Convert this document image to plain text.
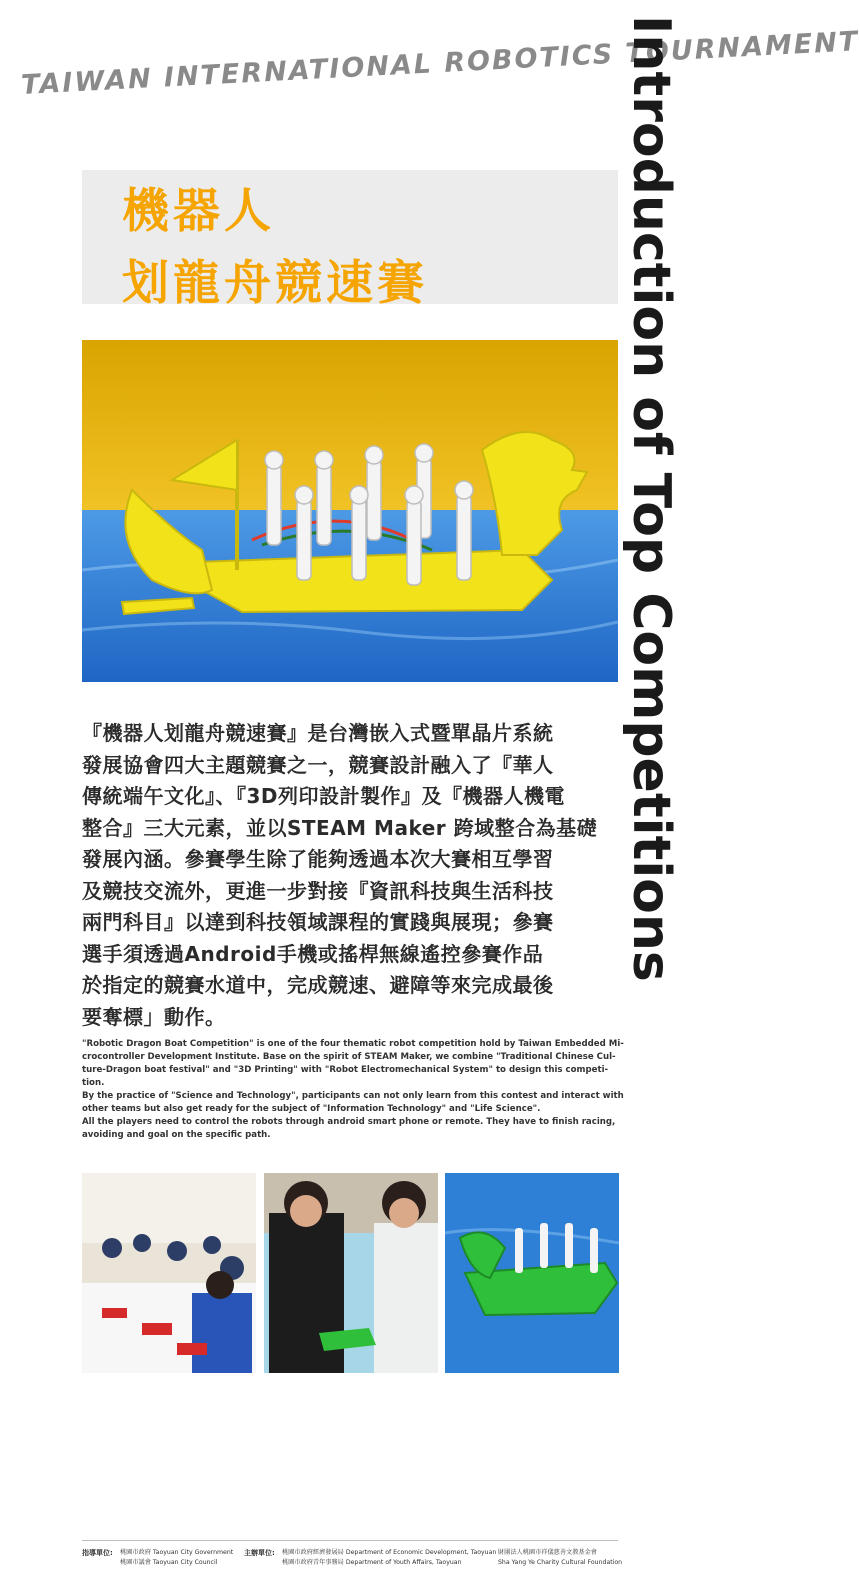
TAIWAN INTERNATIONAL ROBOTICS TOURNAMENT
Introduction of Top Competitions
機器人
划龍舟競速賽
『機器人划龍舟競速賽』是台灣嵌入式暨單晶片系統
發展協會四大主題競賽之一，競賽設計融入了『華人
傳統端午文化』、『3D列印設計製作』及『機器人機電
整合』三大元素，並以STEAM Maker 跨域整合為基礎
發展內涵。參賽學生除了能夠透過本次大賽相互學習
及競技交流外，更進一步對接『資訊科技與生活科技
兩門科目』以達到科技領域課程的實踐與展現；參賽
選手須透過Android手機或搖桿無線遙控參賽作品
於指定的競賽水道中，完成競速、避障等來完成最後
要奪標」動作。
"Robotic Dragon Boat Competition" is one of the four thematic robot competition hold by Taiwan Embedded Mi-
crocontroller Development Institute. Base on the spirit of STEAM Maker, we combine "Traditional Chinese Cul-
ture-Dragon boat festival" and "3D Printing" with "Robot Electromechanical System" to design this competi-
tion.
By the practice of "Science and Technology", participants can not only learn from this contest and interact with
other teams but also get ready for the subject of "Information Technology" and "Life Science".
All the players need to control the robots through android smart phone or remote. They have to finish racing,
avoiding and goal on the specific path.
指導單位: 桃園市政府 Taoyuan City Government
桃園市議會 Taoyuan City Council
主辦單位: 桃園市政府經濟發展局 Department of Economic Development, Taoyuan
桃園市政府青年事務局 Department of Youth Affairs, Taoyuan
財團法人桃園市祥儀慈善文教基金會
Sha Yang Ye Charity Cultural Foundation
